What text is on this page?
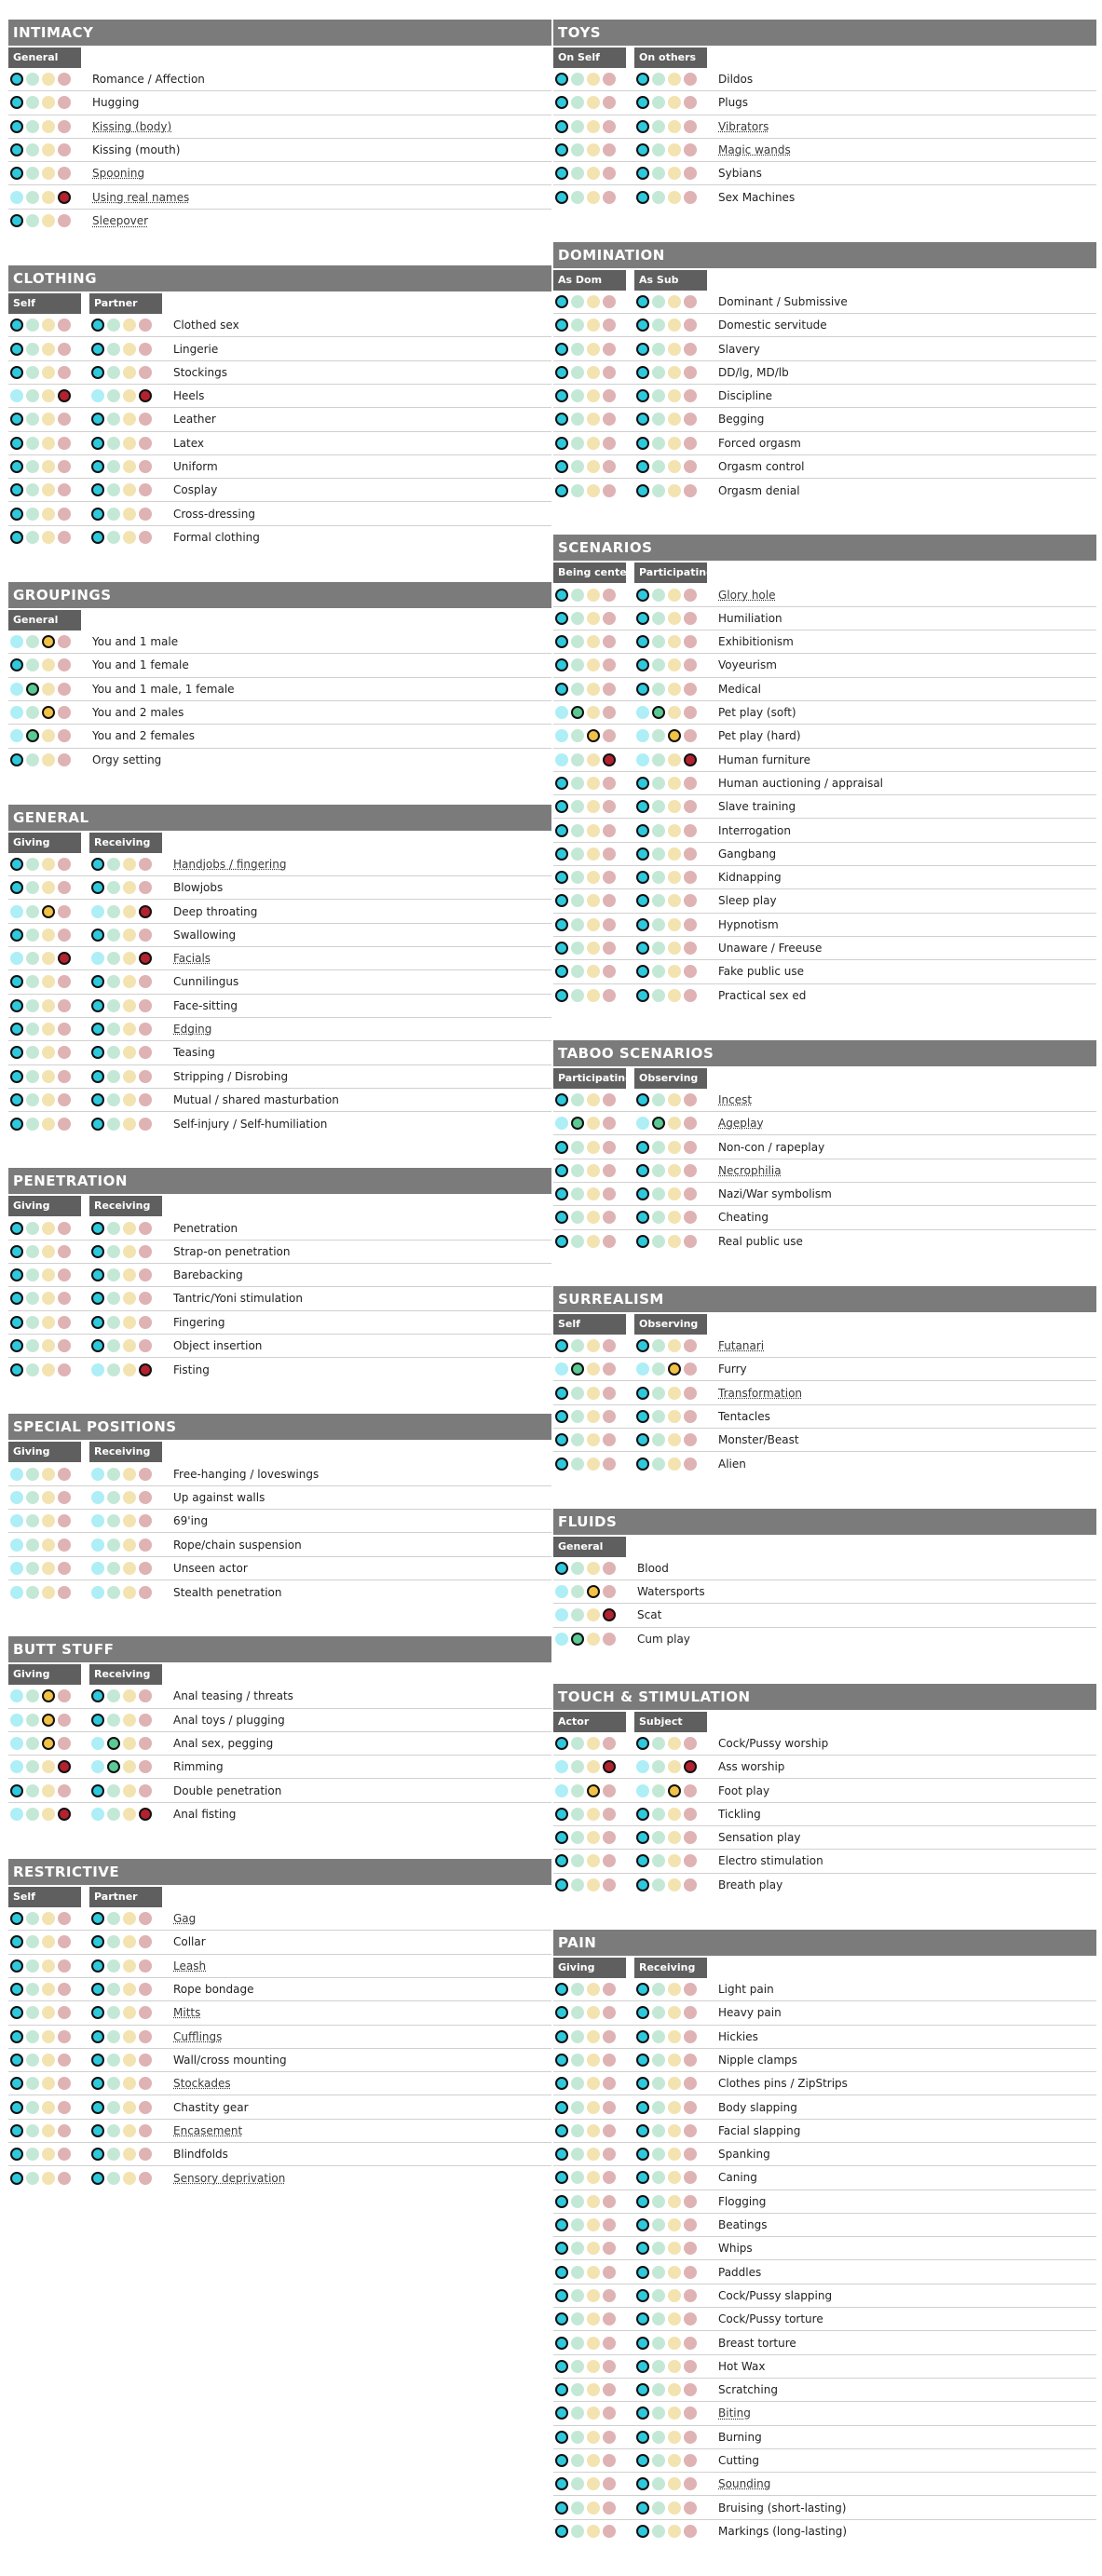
INTIMACY
General
Romance / Affection
Hugging
Kissing (body)
Kissing (mouth)
Spooning
Using real names
Sleepover
CLOTHING
Self	Partner
Clothed sex
Lingerie
Stockings
Heels
Leather
Latex
Uniform
Cosplay
Cross-dressing
Formal clothing
GROUPINGS
General
You and 1 male
You and 1 female
You and 1 male, 1 female
You and 2 males
You and 2 females
Orgy setting
GENERAL
Giving	Receiving
Handjobs / fingering
Blowjobs
Deep throating
Swallowing
Facials
Cunnilingus
Face-sitting
Edging
Teasing
Stripping / Disrobing
Mutual / shared masturbation
Self-injury / Self-humiliation
PENETRATION
Giving	Receiving
Penetration
Strap-on penetration
Barebacking
Tantric/Yoni stimulation
Fingering
Object insertion
Fisting
SPECIAL POSITIONS
Giving	Receiving
Free-hanging / loveswings
Up against walls
69'ing
Rope/chain suspension
Unseen actor
Stealth penetration
BUTT STUFF
Giving	Receiving
Anal teasing / threats
Anal toys / plugging
Anal sex, pegging
Rimming
Double penetration
Anal fisting
RESTRICTIVE
Self	Partner
Gag
Collar
Leash
Rope bondage
Mitts
Cufflings
Wall/cross mounting
Stockades
Chastity gear
Encasement
Blindfolds
Sensory deprivation
TOYS
On Self	On others
Dildos
Plugs
Vibrators
Magic wands
Sybians
Sex Machines
DOMINATION
As Dom	As Sub
Dominant / Submissive
Domestic servitude
Slavery
DD/lg, MD/lb
Discipline
Begging
Forced orgasm
Orgasm control
Orgasm denial
SCENARIOS
Being center Participating
Glory hole
Humiliation
Exhibitionism
Voyeurism
Medical
Pet play (soft)
Pet play (hard)
Human furniture
Human auctioning / appraisal
Slave training
Interrogation
Gangbang
Kidnapping
Sleep play
Hypnotism
Unaware / Freeuse
Fake public use
Practical sex ed
TABOO SCENARIOS
Participating Observing
Incest
Ageplay
Non-con / rapeplay
Necrophilia
Nazi/War symbolism
Cheating
Real public use
SURREALISM
Self	Observing
Futanari
Furry
Transformation
Tentacles
Monster/Beast
Alien
FLUIDS
General
Blood
Watersports
Scat
Cum play
TOUCH & STIMULATION
Actor	Subject
Cock/Pussy worship
Ass worship
Foot play
Tickling
Sensation play
Electro stimulation
Breath play
PAIN
Giving	Receiving
Light pain
Heavy pain
Hickies
Nipple clamps
Clothes pins / ZipStrips
Body slapping
Facial slapping
Spanking
Caning
Flogging
Beatings
Whips
Paddles
Cock/Pussy slapping
Cock/Pussy torture
Breast torture
Hot Wax
Scratching
Biting
Burning
Cutting
Sounding
Bruising (short-lasting)
Markings (long-lasting)
